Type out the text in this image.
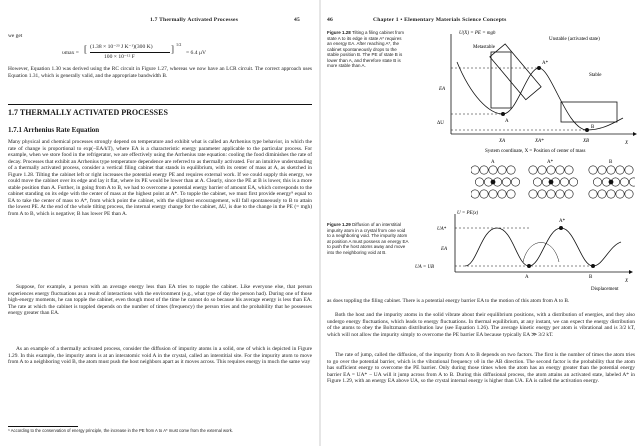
1.7 Thermally Activated Processes	45
we get
υmax = [ (1.38 × 10⁻²³ J K⁻¹)(300 K)
100 × 10⁻¹² F
] 1/2
= 6.4 μV
However, Equation 1.30 was derived using the RC circuit in Figure 1.27, whereas we now have an LCR circuit. The correct approach uses Equation 1.31, which is generally valid, and the appropriate bandwidth B.
1.7 THERMALLY ACTIVATED PROCESSES
1.7.1 Arrhenius Rate Equation
Many physical and chemical processes strongly depend on temperature and exhibit what is called an Arrhenius type behavior, in which the rate of change is proportional to exp(−EA/kT), where EA is a characteristic energy parameter applicable to the particular process. For example, when we store food in the refrigerator, we are effectively using the Arrhenius rate equation: cooling the food diminishes the rate of decay. Processes that exhibit an Arrhenius type temperature dependence are referred to as thermally activated. For an intuitive understanding of a thermally activated process, consider a vertical filing cabinet that stands in equilibrium, with its center of mass at A, as sketched in Figure 1.28. Tilting the cabinet left or right increases the potential energy PE and requires external work. If we could supply this energy, we could move the cabinet over its edge and lay it flat, where its PE would be lower than at A. Clearly, since the PE at B is lower, this is a more stable position than A. Further, in going from A to B, we had to overcome a potential energy barrier of amount EA, which corresponds to the cabinet standing on its edge with the center of mass at the highest point at A*. To topple the cabinet, we must first provide energy⁹ equal to EA to take the center of mass to A*, from which point the cabinet, with the slightest encouragement, will fall spontaneously to B to attain the lowest PE. At the end of the whole tilting process, the internal energy change for the cabinet, ΔU, is due to the change in the PE (= mgh) from A to B, which is negative; B has lower PE than A.
Suppose, for example, a person with an average energy less than EA tries to topple the cabinet. Like everyone else, that person experiences energy fluctuations as a result of interactions with the environment (e.g., what type of day the person had). During one of those high-energy moments, he can topple the cabinet, even though most of the time he cannot do so because his average energy is less than EA. The rate at which the cabinet is toppled depends on the number of times (frequency) the person tries and the probability that he possesses energy greater than EA.
As an example of a thermally activated process, consider the diffusion of impurity atoms in a solid, one of which is depicted in Figure 1.29. In this example, the impurity atom is at an interatomic void A in the crystal, called an interstitial site. For the impurity atom to move from A to a neighboring void B, the atom must push the host neighbors apart as it moves across. This requires energy in much the same way
⁹ According to the conservation of energy principle, the increase in the PE from A to A* must come from the external work.
46	Chapter 1 • Elementary Materials Science Concepts
Figure 1.28 Tilting a filing cabinet from state A to its edge in state A* requires an energy EA. After reaching A*, the cabinet spontaneously drops to the stable position B. The PE of state B is lower than A, and therefore state B is more stable than A.
U(X) = PE = mgh
Metastable
Unstable (activated state)
Stable
EA
ΔU	A
A*
B
XA	XA*	XB	X
System coordinate, X = Position of center of mass
A	A*	B
Figure 1.29 Diffusion of an interstitial impurity atom in a crystal from one void to a neighboring void. The impurity atom at position A must possess an energy EA to push the host atoms away and move into the neighboring void at B.
U = PE(x)
UA*
EA
UA = UB
A
A*
B
X
Displacement
as does toppling the filing cabinet. There is a potential energy barrier EA to the motion of this atom from A to B.
Both the host and the impurity atoms in the solid vibrate about their equilibrium positions, with a distribution of energies, and they also undergo energy fluctuations, which leads to energy fluctuations. In thermal equilibrium, at any instant, we can expect the energy distribution of the atoms to obey the Boltzmann distribution law (see Equation 1.26). The average kinetic energy per atom is vibrational and is 3/2 kT, which will not allow the impurity simply to overcome the PE barrier EA because typically EA ≫ 3/2 kT.
The rate of jump, called the diffusion, of the impurity from A to B depends on two factors. The first is the number of times the atom tries to go over the potential barrier, which is the vibrational frequency υ0 in the AB direction. The second factor is the probability that the atom has sufficient energy to overcome the PE barrier. Only during those times when the atom has an energy greater than the potential energy barrier EA = UA* − UA will it jump across from A to B. During this diffusional process, the atom attains an activated state, labeled A* in Figure 1.29, with an energy EA above UA, so the crystal internal energy is higher than UA. EA is called the activation energy.
